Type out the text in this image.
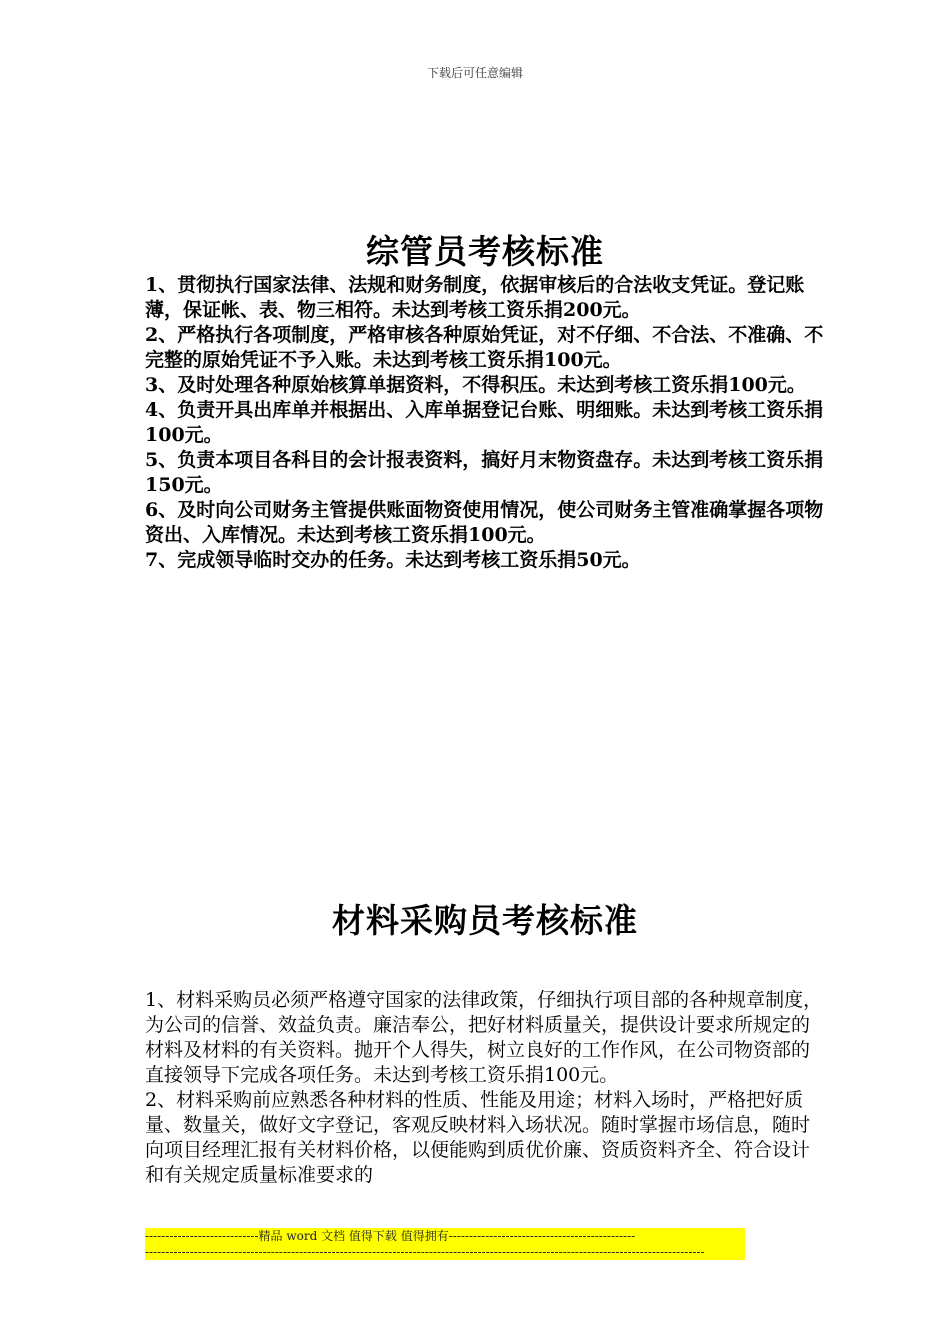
下载后可任意编辑
综管员考核标准

1、贯彻执行国家法律、法规和财务制度，依据审核后的合法收支凭证。登记账薄，保证帐、表、物三相符。未达到考核工资乐捐200元。

2、严格执行各项制度，严格审核各种原始凭证，对不仔细、不合法、不准确、不完整的原始凭证不予入账。未达到考核工资乐捐100元。

3、及时处理各种原始核算单据资料，不得积压。未达到考核工资乐捐100元。

4、负责开具出库单并根据出、入库单据登记台账、明细账。未达到考核工资乐捐100元。

5、负责本项目各科目的会计报表资料，搞好月末物资盘存。未达到考核工资乐捐150元。

6、及时向公司财务主管提供账面物资使用情况，使公司财务主管准确掌握各项物资出、入库情况。未达到考核工资乐捐100元。

7、完成领导临时交办的任务。未达到考核工资乐捐50元。

材料采购员考核标准

1、材料采购员必须严格遵守国家的法律政策，仔细执行项目部的各种规章制度，为公司的信誉、效益负责。廉洁奉公，把好材料质量关，提供设计要求所规定的材料及材料的有关资料。抛开个人得失，树立良好的工作作风，在公司物资部的直接领导下完成各项任务。未达到考核工资乐捐100元。

2、材料采购前应熟悉各种材料的性质、性能及用途；材料入场时，严格把好质量、数量关，做好文字登记，客观反映材料入场状况。随时掌握市场信息，随时向项目经理汇报有关材料价格，以便能购到质优价廉、资质资料齐全、符合设计和有关规定质量标准要求的

----------------------------精品 word 文档 值得下载 值得拥有----------------------------------------------
------------------------------------------------------------------------------------------------------------------------------------------
